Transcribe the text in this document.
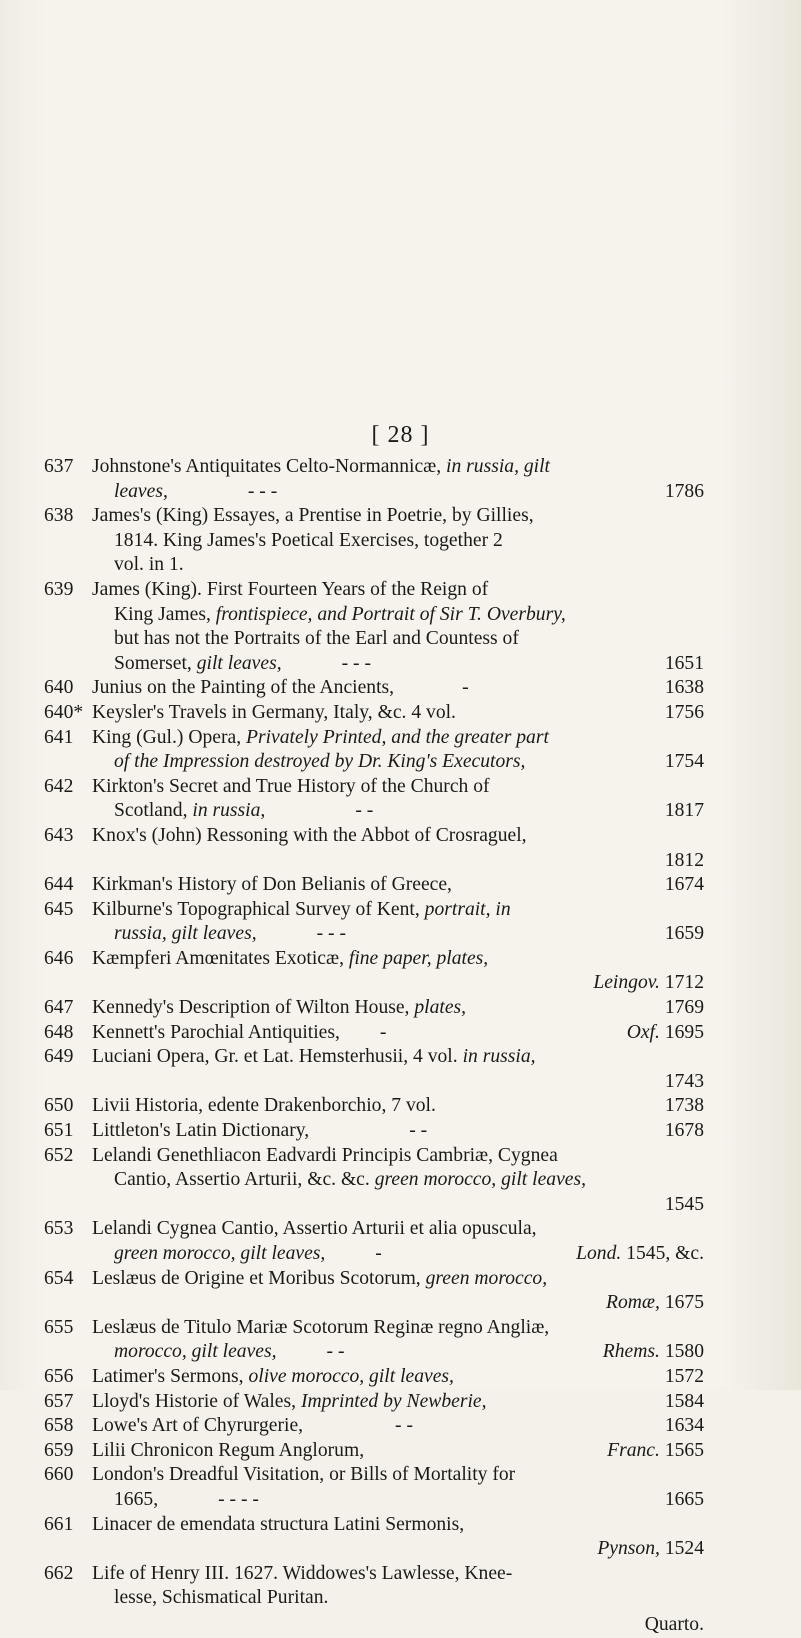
[ 28 ]
637 Johnstone's Antiquitates Celto-Normannicæ, in russia, gilt
leaves,	- - -	1786
638 James's (King) Essayes, a Prentise in Poetrie, by Gillies,
1814. King James's Poetical Exercises, together 2
vol. in 1.
639 James (King). First Fourteen Years of the Reign of
King James, frontispiece, and Portrait of Sir T. Overbury,
but has not the Portraits of the Earl and Countess of
Somerset, gilt leaves,	- - -	1651
640 Junius on the Painting of the Ancients,	-	1638
640* Keysler's Travels in Germany, Italy, &c. 4 vol.	1756
641 King (Gul.) Opera, Privately Printed, and the greater part
of the Impression destroyed by Dr. King's Executors,	1754
642 Kirkton's Secret and True History of the Church of
Scotland, in russia,	- -	1817
643 Knox's (John) Ressoning with the Abbot of Crosraguel,
1812
644 Kirkman's History of Don Belianis of Greece,	1674
645 Kilburne's Topographical Survey of Kent, portrait, in
russia, gilt leaves,	- - -	1659
646 Kæmpferi Amœnitates Exoticæ, fine paper, plates,
Leingov. 1712
647 Kennedy's Description of Wilton House, plates,	1769
648 Kennett's Parochial Antiquities, -	Oxf. 1695
649 Luciani Opera, Gr. et Lat. Hemsterhusii, 4 vol. in russia,
1743
650 Livii Historia, edente Drakenborchio, 7 vol.	1738
651 Littleton's Latin Dictionary,	- -	1678
652 Lelandi Genethliacon Eadvardi Principis Cambriæ, Cygnea
Cantio, Assertio Arturii, &c. &c. green morocco, gilt leaves,
1545
653 Lelandi Cygnea Cantio, Assertio Arturii et alia opuscula,
green morocco, gilt leaves,	-	Lond. 1545, &c.
654 Leslæus de Origine et Moribus Scotorum, green morocco,
Romæ, 1675
655 Leslæus de Titulo Mariæ Scotorum Reginæ regno Angliæ,
morocco, gilt leaves,	- -	Rhems. 1580
656 Latimer's Sermons, olive morocco, gilt leaves,	1572
657 Lloyd's Historie of Wales, Imprinted by Newberie,	1584
658 Lowe's Art of Chyrurgerie,	- -	1634
659 Lilii Chronicon Regum Anglorum,	Franc. 1565
660 London's Dreadful Visitation, or Bills of Mortality for
1665,	- - - -	1665
661 Linacer de emendata structura Latini Sermonis,
Pynson, 1524
662 Life of Henry III. 1627. Widdowes's Lawlesse, Knee-
lesse, Schismatical Puritan.
Quarto.
